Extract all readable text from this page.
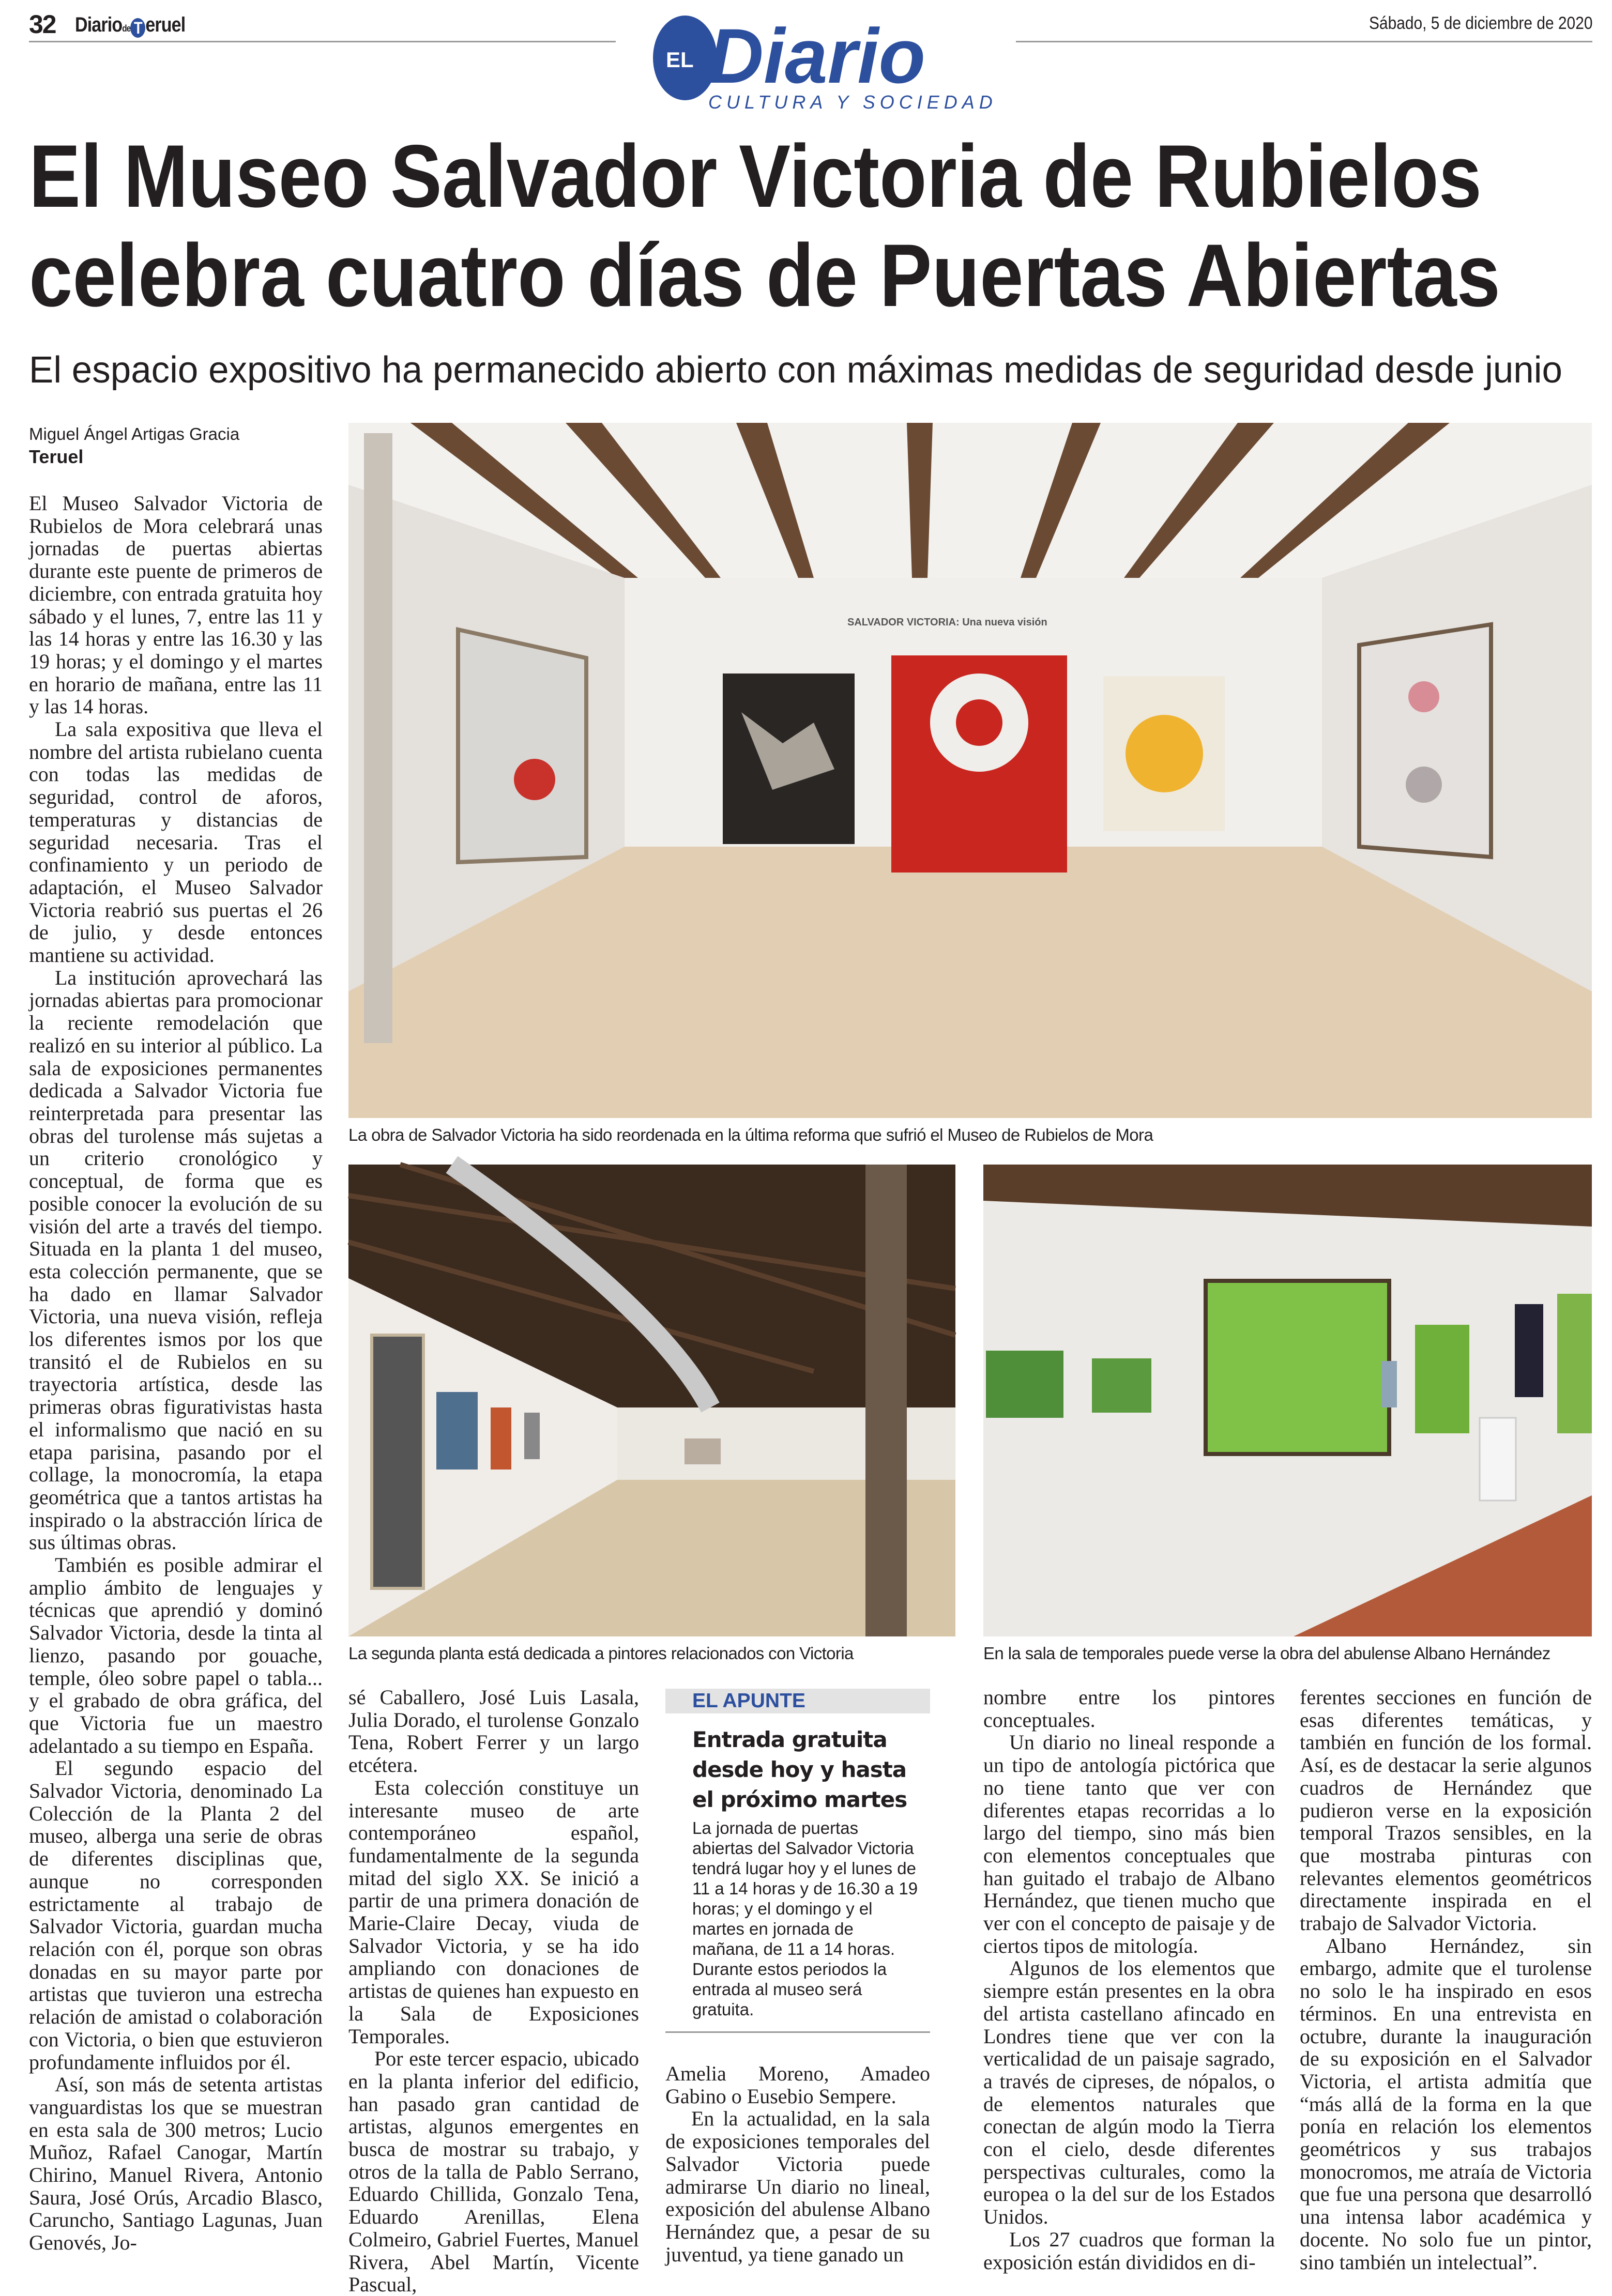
32 Diariode T eruel	Sábado, 5 de diciembre de 2020
EL Diario
CULTURA Y SOCIEDAD
El Museo Salvador Victoria de Rubielos
celebra cuatro días de Puertas Abiertas
El espacio expositivo ha permanecido abierto con máximas medidas de seguridad desde junio
Miguel Ángel Artigas Gracia
Teruel
SALVADOR VICTORIA: Una nueva visión
La obra de Salvador Victoria ha sido reordenada en la última reforma que sufrió el Museo de Rubielos de Mora
La segunda planta está dedicada a pintores relacionados con Victoria	En la sala de temporales puede verse la obra del abulense Albano Hernández

El Museo Salvador Victoria de Rubielos de Mora celebrará unas jornadas de puertas abiertas durante este puente de primeros de diciembre, con entrada gratuita hoy sábado y el lunes, 7, entre las 11 y las 14 horas y entre las 16.30 y las 19 horas; y el domingo y el martes en horario de mañana, entre las 11 y las 14 horas.

La sala expositiva que lleva el nombre del artista rubielano cuenta con todas las medidas de seguridad, control de aforos, temperaturas y distancias de seguridad necesaria. Tras el confinamiento y un periodo de adaptación, el Museo Salvador Victoria reabrió sus puertas el 26 de julio, y desde entonces mantiene su actividad.

La institución aprovechará las jornadas abiertas para promocionar la reciente remodelación que realizó en su interior al público. La sala de exposiciones permanentes dedicada a Salvador Victoria fue reinterpretada para presentar las obras del turolense más sujetas a un criterio cronológico y conceptual, de forma que es posible conocer la evolución de su visión del arte a través del tiempo. Situada en la planta 1 del museo, esta colección permanente, que se ha dado en llamar Salvador Victoria, una nueva visión, refleja los diferentes ismos por los que transitó el de Rubielos en su trayectoria artística, desde las primeras obras figurativistas hasta el informalismo que nació en su etapa parisina, pasando por el collage, la monocromía, la etapa geométrica que a tantos artistas ha inspirado o la abstracción lírica de sus últimas obras.

También es posible admirar el amplio ámbito de lenguajes y técnicas que aprendió y dominó Salvador Victoria, desde la tinta al lienzo, pasando por gouache, temple, óleo sobre papel o tabla... y el grabado de obra gráfica, del que Victoria fue un maestro adelantado a su tiempo en España.

El segundo espacio del Salvador Victoria, denominado La Colección de la Planta 2 del museo, alberga una serie de obras de diferentes disciplinas que, aunque no corresponden estrictamente al trabajo de Salvador Victoria, guardan mucha relación con él, porque son obras donadas en su mayor parte por artistas que tuvieron una estrecha relación de amistad o colaboración con Victoria, o bien que estuvieron profundamente influidos por él.

Así, son más de setenta artistas vanguardistas los que se muestran en esta sala de 300 metros; Lucio Muñoz, Rafael Canogar, Martín Chirino, Manuel Rivera, Antonio Saura, José Orús, Arcadio Blasco, Caruncho, Santiago Lagunas, Juan Genovés, Jo-

sé Caballero, José Luis Lasala, Julia Dorado, el turolense Gonzalo Tena, Robert Ferrer y un largo etcétera.

Esta colección constituye un interesante museo de arte contemporáneo español, fundamentalmente de la segunda mitad del siglo XX. Se inició a partir de una primera donación de Marie-Claire Decay, viuda de Salvador Victoria, y se ha ido ampliando con donaciones de artistas de quienes han expuesto en la Sala de Exposiciones Temporales.

Por este tercer espacio, ubicado en la planta inferior del edificio, han pasado gran cantidad de artistas, algunos emergentes en busca de mostrar su trabajo, y otros de la talla de Pablo Serrano, Eduardo Chillida, Gonzalo Tena, Eduardo Arenillas, Elena Colmeiro, Gabriel Fuertes, Manuel Rivera, Abel Martín, Vicente Pascual,

EL APUNTE
Entrada gratuita desde hoy y hasta el próximo martes
La jornada de puertas abiertas del Salvador Victoria tendrá lugar hoy y el lunes de 11 a 14 horas y de 16.30 a 19 horas; y el domingo y el martes en jornada de mañana, de 11 a 14 horas. Durante estos periodos la entrada al museo será gratuita.

Amelia Moreno, Amadeo Gabino o Eusebio Sempere.

En la actualidad, en la sala de exposiciones temporales del Salvador Victoria puede admirarse Un diario no lineal, exposición del abulense Albano Hernández que, a pesar de su juventud, ya tiene ganado un

nombre entre los pintores conceptuales.

Un diario no lineal responde a un tipo de antología pictórica que no tiene tanto que ver con diferentes etapas recorridas a lo largo del tiempo, sino más bien con elementos conceptuales que han guitado el trabajo de Albano Hernández, que tienen mucho que ver con el concepto de paisaje y de ciertos tipos de mitología.

Algunos de los elementos que siempre están presentes en la obra del artista castellano afincado en Londres tiene que ver con la verticalidad de un paisaje sagrado, a través de cipreses, de nópalos, o de elementos naturales que conectan de algún modo la Tierra con el cielo, desde diferentes perspectivas culturales, como la europea o la del sur de los Estados Unidos.

Los 27 cuadros que forman la exposición están divididos en di-

ferentes secciones en función de esas diferentes temáticas, y también en función de los formal. Así, es de destacar la serie algunos cuadros de Hernández que pudieron verse en la exposición temporal Trazos sensibles, en la que mostraba pinturas con relevantes elementos geométricos directamente inspirada en el trabajo de Salvador Victoria.

Albano Hernández, sin embargo, admite que el turolense no solo le ha inspirado en esos términos. En una entrevista en octubre, durante la inauguración de su exposición en el Salvador Victoria, el artista admitía que “más allá de la forma en la que ponía en relación los elementos geométricos y sus trabajos monocromos, me atraía de Victoria que fue una persona que desarrolló una intensa labor académica y docente. No solo fue un pintor, sino también un intelectual”.
